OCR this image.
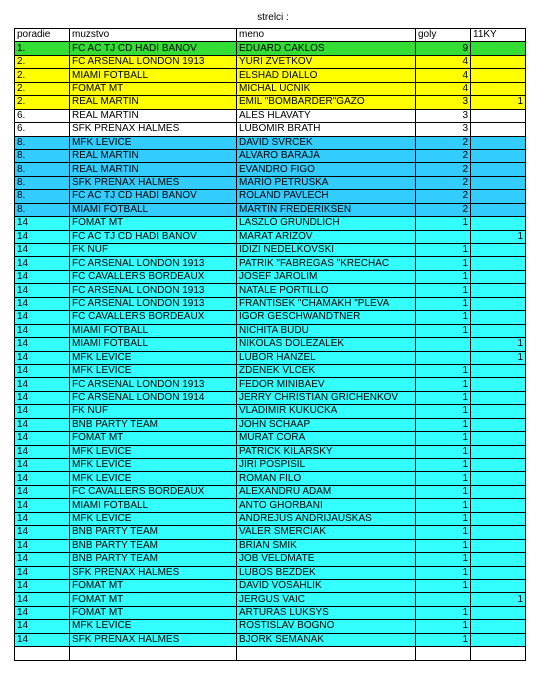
strelci :
poradie	muzstvo	meno	goly	11KY
1.	FC AC TJ CD HADI BANOV	EDUARD CAKLOS	9	
2.	FC ARSENAL LONDON 1913	YURI ZVETKOV	4	
2.	MIAMI FOTBALL	ELSHAD DIALLO	4	
2.	FOMAT MT	MICHAL UCNIK	4	
2.	REAL MARTIN	EMIL "BOMBARDER"GAZO	3	1
6.	REAL MARTIN	ALES HLAVATY	3	
6.	SFK PRENAX HALMES	LUBOMIR BRATH	3	
8.	MFK LEVICE	DAVID SVRCEK	2	
8.	REAL MARTIN	ALVARO BARAJA	2	
8.	REAL MARTIN	EVANDRO FIGO	2	
8.	SFK PRENAX HALMES	MARIO PETRUSKA	2	
8.	FC AC TJ CD HADI BANOV	ROLAND PAVLECH	2	
8.	MIAMI FOTBALL	MARTIN FREDERIKSEN	2	
14	FOMAT MT	LASZLO GRUNDLICH	1	
14	FC AC TJ CD HADI BANOV	MARAT ARIZOV		1
14	FK NUF	IDIZI NEDELKOVSKI	1	
14	FC ARSENAL LONDON 1913	PATRIK "FABREGAS "KRECHAC	1	
14	FC CAVALLERS BORDEAUX	JOSEF JAROLIM	1	
14	FC ARSENAL LONDON 1913	NATALE PORTILLO	1	
14	FC ARSENAL LONDON 1913	FRANTISEK "CHAMAKH "PLEVA	1	
14	FC CAVALLERS BORDEAUX	IGOR GESCHWANDTNER	1	
14	MIAMI FOTBALL	NICHITA BUDU	1	
14	MIAMI FOTBALL	NIKOLAS DOLEZALEK		1
14	MFK LEVICE	LUBOR HANZEL		1
14	MFK LEVICE	ZDENEK VLCEK	1	
14	FC ARSENAL LONDON 1913	FEDOR MINIBAEV	1	
14	FC ARSENAL LONDON 1914	JERRY CHRISTIAN GRICHENKOV	1	
14	FK NUF	VLADIMIR KUKUCKA	1	
14	BNB PARTY TEAM	JOHN SCHAAP	1	
14	FOMAT MT	MURAT CORA	1	
14	MFK LEVICE	PATRICK KILARSKY	1	
14	MFK LEVICE	JIRI POSPISIL	1	
14	MFK LEVICE	ROMAN FILO	1	
14	FC CAVALLERS BORDEAUX	ALEXANDRU ADAM	1	
14	MIAMI FOTBALL	ANTO GHORBANI	1	
14	MFK LEVICE	ANDREJUS ANDRIJAUSKAS	1	
14	BNB PARTY TEAM	VALER SMERCIAK	1	
14	BNB PARTY TEAM	BRIAN SMIK	1	
14	BNB PARTY TEAM	JOB VELDMATE	1	
14	SFK PRENAX HALMES	LUBOS BEZDEK	1	
14	FOMAT MT	DAVID VOSAHLIK	1	
14	FOMAT MT	JERGUS VAIC		1
14	FOMAT MT	ARTURAS LUKSYS	1	
14	MFK LEVICE	ROSTISLAV BOGNO	1	
14	SFK PRENAX HALMES	BJORK SEMANAK	1	
